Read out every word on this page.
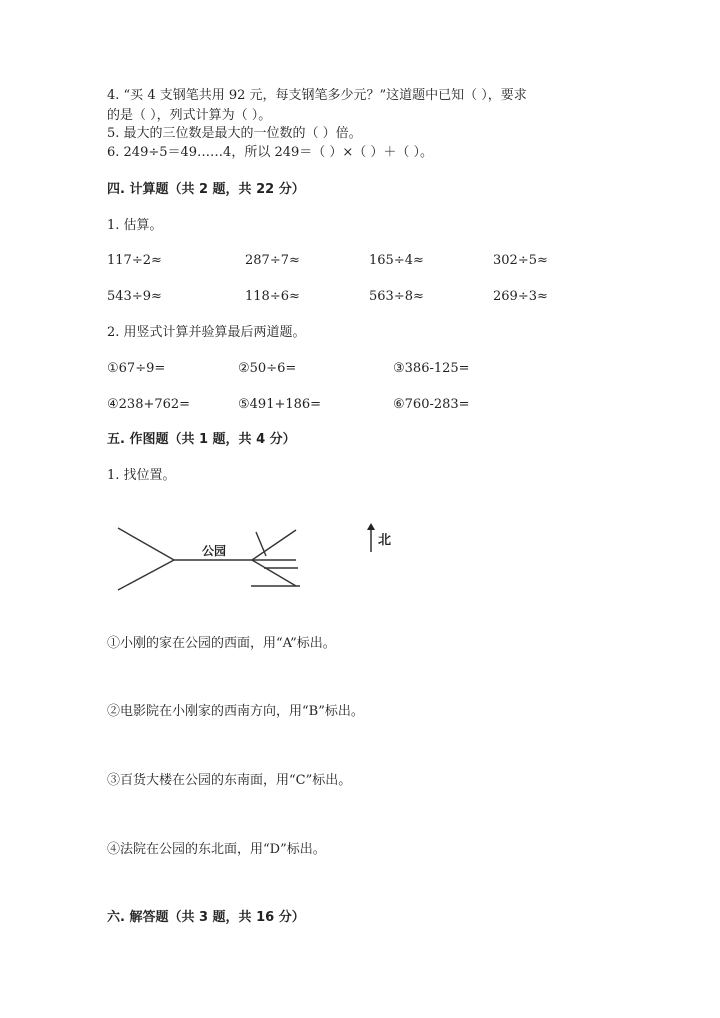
4. “买 4 支钢笔共用 92 元，每支钢笔多少元？”这道题中已知（ ），要求
的是（ ），列式计算为（ ）。
5. 最大的三位数是最大的一位数的（ ）倍。
6. 249÷5＝49……4，所以 249＝（ ）×（ ）＋（ ）。
四. 计算题（共 2 题，共 22 分）
1. 估算。
117÷2≈	287÷7≈	165÷4≈	302÷5≈
543÷9≈	118÷6≈	563÷8≈	269÷3≈
2. 用竖式计算并验算最后两道题。
①67÷9=	②50÷6=	③386-125=
④238+762=	⑤491+186=	⑥760-283=
五. 作图题（共 1 题，共 4 分）
1. 找位置。
公园
北
①小刚的家在公园的西面，用“A”标出。
②电影院在小刚家的西南方向，用“B”标出。
③百货大楼在公园的东南面，用“C”标出。
④法院在公园的东北面，用“D”标出。
六. 解答题（共 3 题，共 16 分）
